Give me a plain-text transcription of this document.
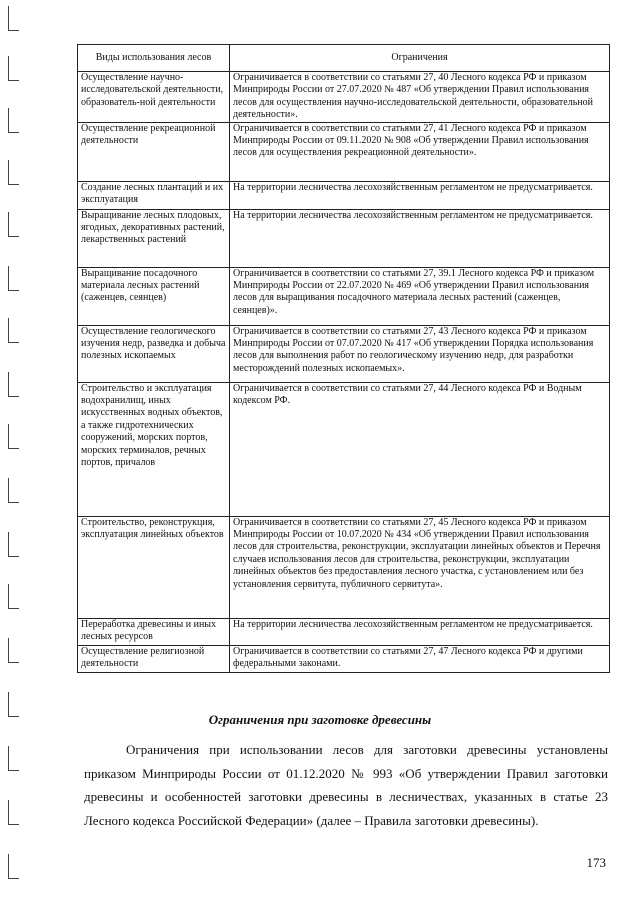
Виды использования лесов	Ограничения
Осуществление научно-исследовательской деятельности, образователь-ной деятельности	Ограничивается в соответствии со статьями 27, 40 Лесного кодекса РФ и приказом Минприроды России от 27.07.2020 № 487 «Об утверждении Правил использования лесов для осуществления научно-исследовательской деятельности, образовательной деятельности».
Осуществление рекреационной деятельности	Ограничивается в соответствии со статьями 27, 41 Лесного кодекса РФ и приказом Минприроды России от 09.11.2020 № 908 «Об утверждении Правил использования лесов для осуществления рекреационной деятельности».
Создание лесных плантаций и их эксплуатация	На территории лесничества лесохозяйственным регламентом не предусматривается.
Выращивание лесных плодовых, ягодных, декоративных растений, лекарственных растений	На территории лесничества лесохозяйственным регламентом не предусматривается.
Выращивание посадочного материала лесных растений (саженцев, сеянцев)	Ограничивается в соответствии со статьями 27, 39.1 Лесного кодекса РФ и приказом Минприроды России от 22.07.2020 № 469 «Об утверждении Правил использования лесов для выращивания посадочного материала лесных растений (саженцев, сеянцев)».
Осуществление геологического изучения недр, разведка и добыча полезных ископаемых	Ограничивается в соответствии со статьями 27, 43 Лесного кодекса РФ и приказом Минприроды России от 07.07.2020 № 417 «Об утверждении Порядка использования лесов для выполнения работ по геологическому изучению недр, для разработки месторождений полезных ископаемых».
Строительство и эксплуатация водохранилищ, иных искусственных водных объектов, а также гидротехнических сооружений, морских портов, морских терминалов, речных портов, причалов	Ограничивается в соответствии со статьями 27, 44 Лесного кодекса РФ и Водным кодексом РФ.
Строительство, реконструкция, эксплуатация линейных объектов	Ограничивается в соответствии со статьями 27, 45 Лесного кодекса РФ и приказом Минприроды России от 10.07.2020 № 434 «Об утверждении Правил использования лесов для строительства, реконструкции, эксплуатации линейных объектов и Перечня случаев использования лесов для строительства, реконструкции, эксплуатации линейных объектов без предоставления лесного участка, с установлением или без установления сервитута, публичного сервитута».
Переработка древесины и иных лесных ресурсов	На территории лесничества лесохозяйственным регламентом не предусматривается.
Осуществление религиозной деятельности	Ограничивается в соответствии со статьями 27, 47 Лесного кодекса РФ и другими федеральными законами.
Ограничения при заготовке древесины

Ограничения при использовании лесов для заготовки древесины установлены приказом Минприроды России от 01.12.2020 № 993 «Об утверждении Правил заготовки древесины и особенностей заготовки древесины в лесничествах, указанных в статье 23 Лесного кодекса Российской Федерации» (далее – Правила заготовки древесины).

173
